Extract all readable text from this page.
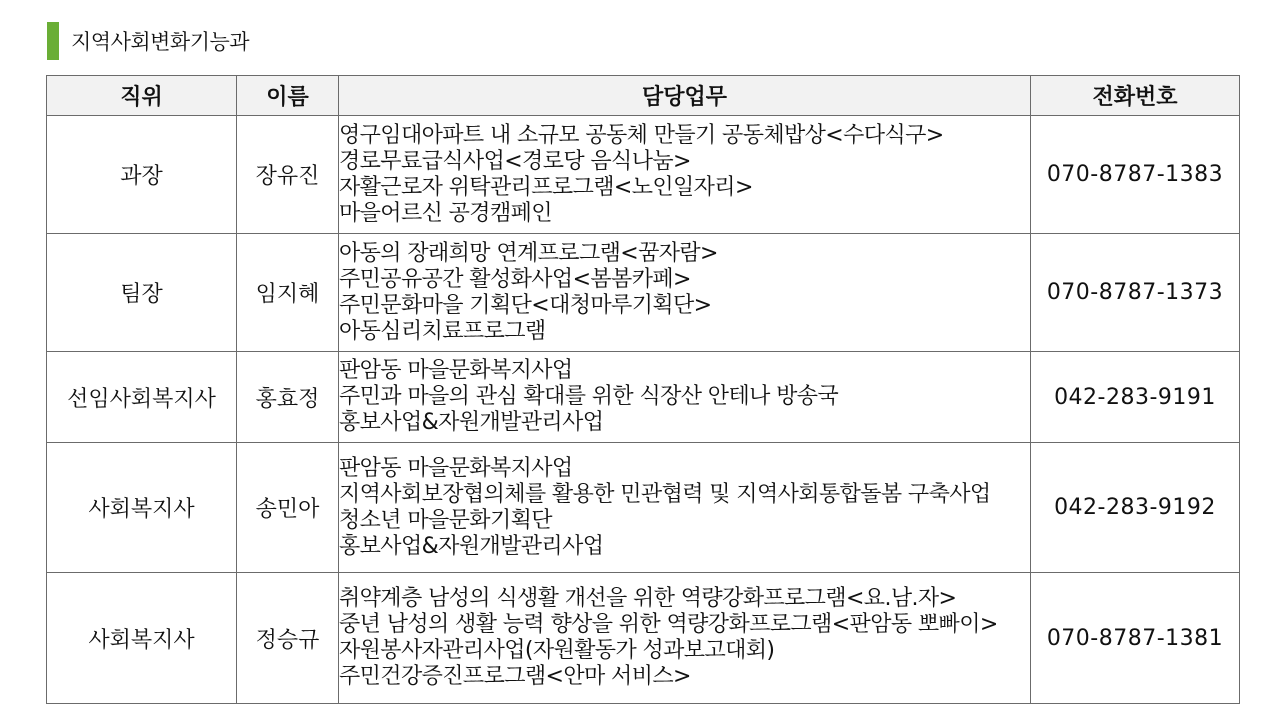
지역사회변화기능과
직위	이름	담당업무	전화번호
과장	장유진	영구임대아파트 내 소규모 공동체 만들기 공동체밥상<수다식구>
경로무료급식사업<경로당 음식나눔>
자활근로자 위탁관리프로그램<노인일자리>
마을어르신 공경캠페인	070-8787-1383
팀장	임지혜	아동의 장래희망 연계프로그램<꿈자람>
주민공유공간 활성화사업<봄봄카페>
주민문화마을 기획단<대청마루기획단>
아동심리치료프로그램	070-8787-1373
선임사회복지사	홍효정	판암동 마을문화복지사업
주민과 마을의 관심 확대를 위한 식장산 안테나 방송국
홍보사업&자원개발관리사업	042-283-9191
사회복지사	송민아	판암동 마을문화복지사업
지역사회보장협의체를 활용한 민관협력 및 지역사회통합돌봄 구축사업
청소년 마을문화기획단
홍보사업&자원개발관리사업	042-283-9192
사회복지사	정승규	취약계층 남성의 식생활 개선을 위한 역량강화프로그램<요.남.자>
중년 남성의 생활 능력 향상을 위한 역량강화프로그램<판암동 뽀빠이>
자원봉사자관리사업(자원활동가 성과보고대회)
주민건강증진프로그램<안마 서비스>	070-8787-1381
